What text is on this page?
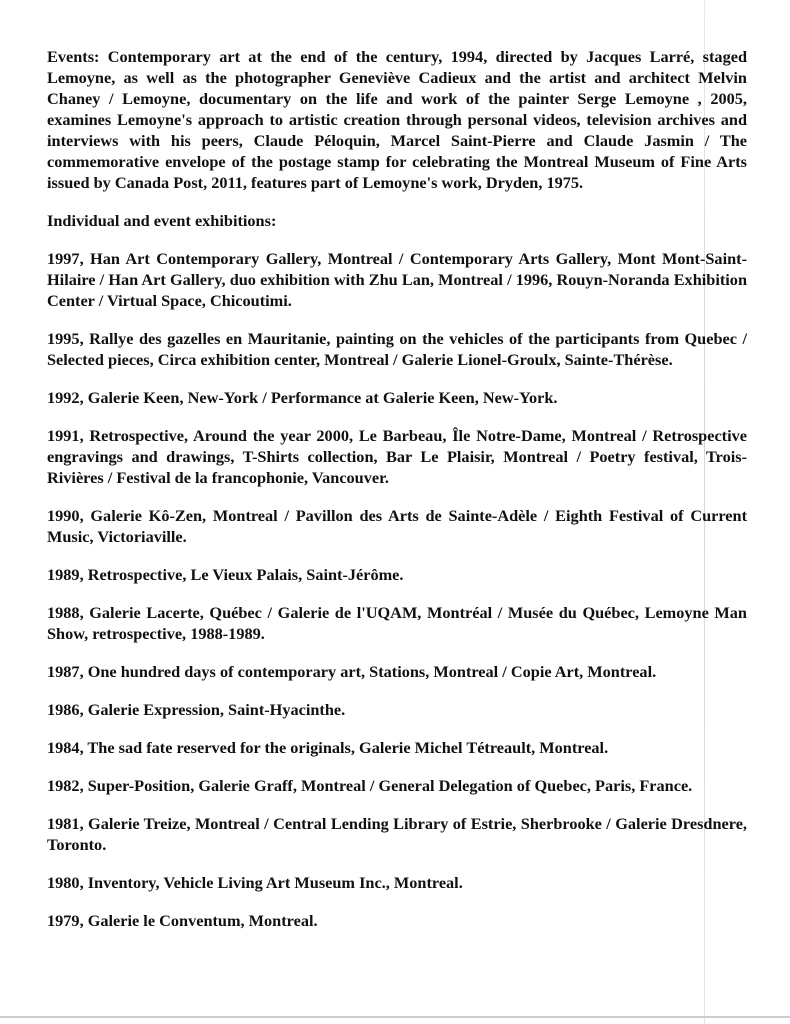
Events: Contemporary art at the end of the century, 1994, directed by Jacques Larré, staged Lemoyne, as well as the photographer Geneviève Cadieux and the artist and architect Melvin Chaney / Lemoyne, documentary on the life and work of the painter Serge Lemoyne , 2005, examines Lemoyne's approach to artistic creation through personal videos, television archives and interviews with his peers, Claude Péloquin, Marcel Saint-Pierre and Claude Jasmin / The commemorative envelope of the postage stamp for celebrating the Montreal Museum of Fine Arts issued by Canada Post, 2011, features part of Lemoyne's work, Dryden, 1975.

Individual and event exhibitions:

1997, Han Art Contemporary Gallery, Montreal / Contemporary Arts Gallery, Mont Mont-Saint-Hilaire / Han Art Gallery, duo exhibition with Zhu Lan, Montreal / 1996, Rouyn-Noranda Exhibition Center / Virtual Space, Chicoutimi.

1995, Rallye des gazelles en Mauritanie, painting on the vehicles of the participants from Quebec / Selected pieces, Circa exhibition center, Montreal / Galerie Lionel-Groulx, Sainte-Thérèse.

1992, Galerie Keen, New-York / Performance at Galerie Keen, New-York.

1991, Retrospective, Around the year 2000, Le Barbeau, Île Notre-Dame, Montreal / Retrospective engravings and drawings, T-Shirts collection, Bar Le Plaisir, Montreal / Poetry festival, Trois-Rivières / Festival de la francophonie, Vancouver.

1990, Galerie Kô-Zen, Montreal / Pavillon des Arts de Sainte-Adèle / Eighth Festival of Current Music, Victoriaville.

1989, Retrospective, Le Vieux Palais, Saint-Jérôme.

1988, Galerie Lacerte, Québec / Galerie de l'UQAM, Montréal / Musée du Québec, Lemoyne Man Show, retrospective, 1988-1989.

1987, One hundred days of contemporary art, Stations, Montreal / Copie Art, Montreal.

1986, Galerie Expression, Saint-Hyacinthe.

1984, The sad fate reserved for the originals, Galerie Michel Tétreault, Montreal.

1982, Super-Position, Galerie Graff, Montreal / General Delegation of Quebec, Paris, France.

1981, Galerie Treize, Montreal / Central Lending Library of Estrie, Sherbrooke / Galerie Dresdnere, Toronto.

1980, Inventory, Vehicle Living Art Museum Inc., Montreal.

1979, Galerie le Conventum, Montreal.
